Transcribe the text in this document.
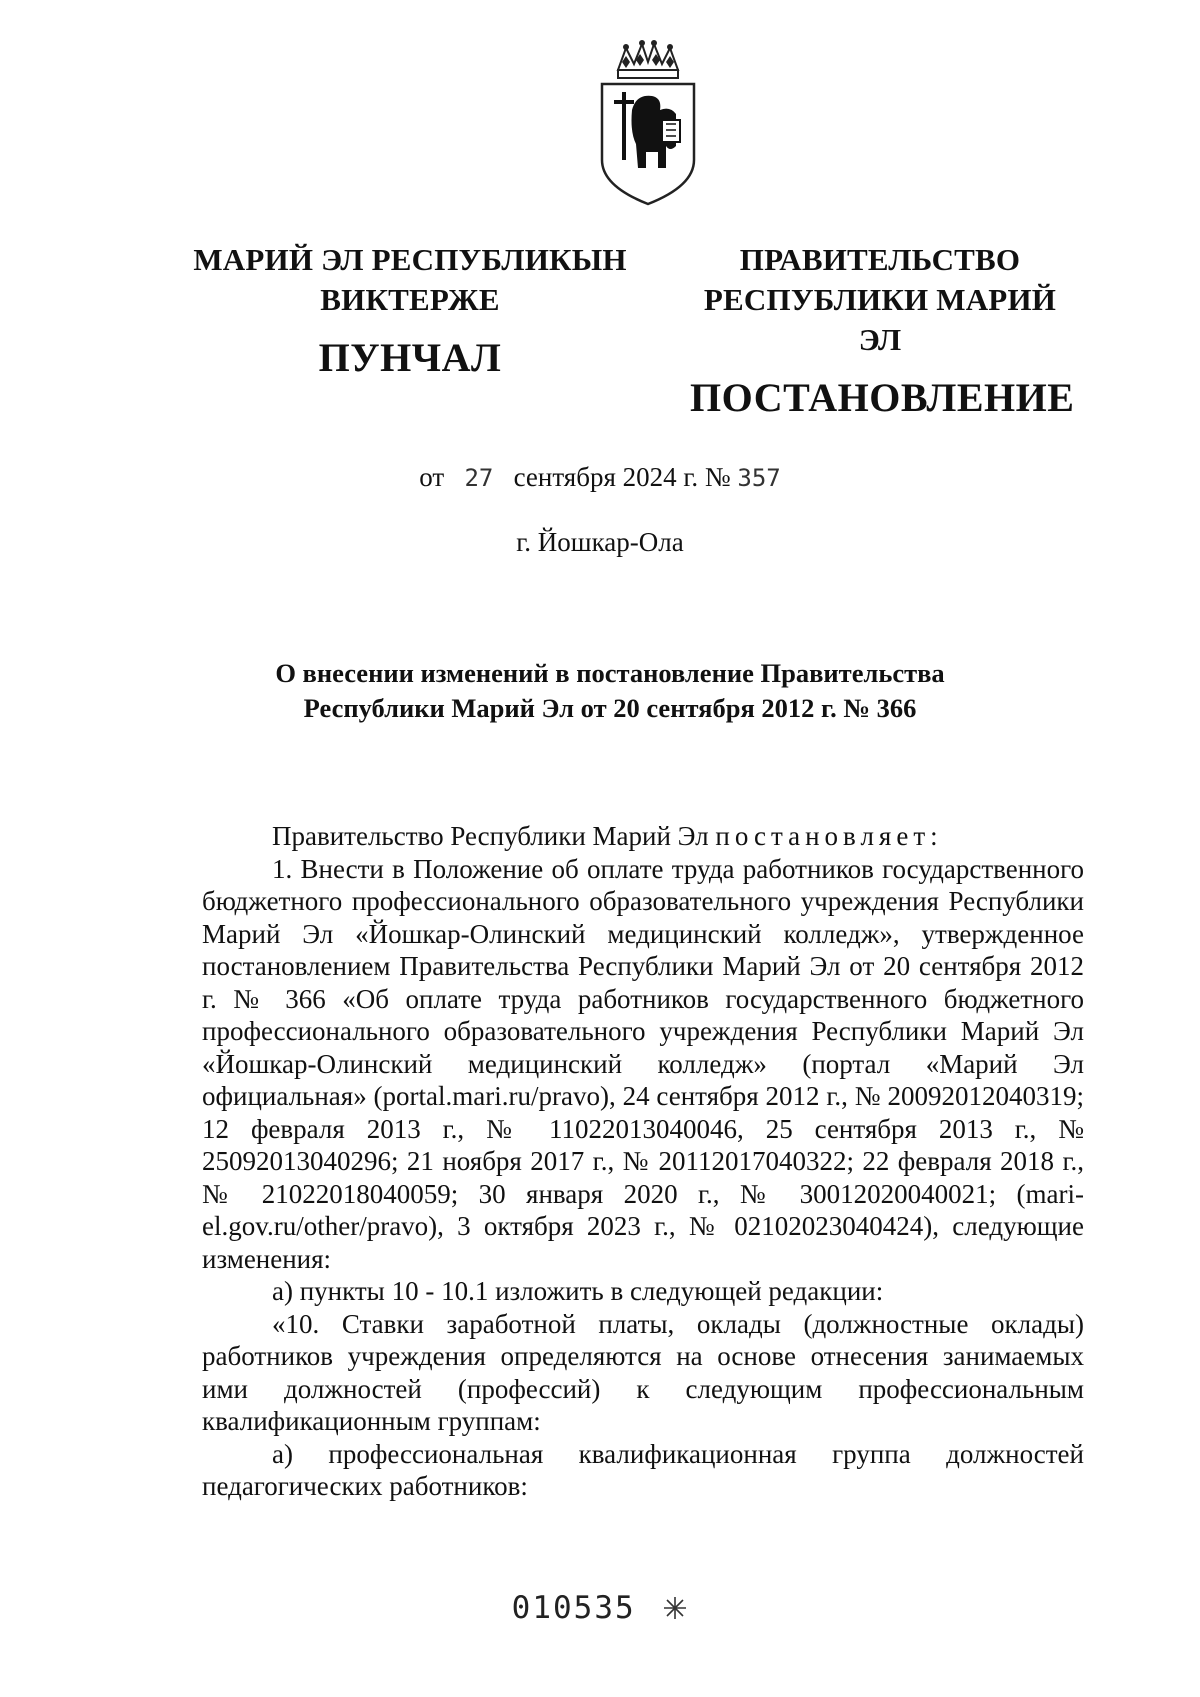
МАРИЙ ЭЛ РЕСПУБЛИКЫН
ВИКТЕРЖЕ
ПУНЧАЛ
ПРАВИТЕЛЬСТВО
РЕСПУБЛИКИ МАРИЙ ЭЛ
ПОСТАНОВЛЕНИЕ
от 27 сентября 2024 г. № 357
г. Йошкар-Ола
О внесении изменений в постановление Правительства
Республики Марий Эл от 20 сентября 2012 г. № 366

Правительство Республики Марий Эл постановляет:

1. Внести в Положение об оплате труда работников государственного бюджетного профессионального образовательного учреждения Республики Марий Эл «Йошкар-Олинский медицинский колледж», утвержденное постановлением Правительства Республики Марий Эл от 20 сентября 2012 г. № 366 «Об оплате труда работников государственного бюджетного профессионального образовательного учреждения Республики Марий Эл «Йошкар-Олинский медицинский колледж» (портал «Марий Эл официальная» (portal.mari.ru/pravo), 24 сентября 2012 г., № 20092012040319; 12 февраля 2013 г., № 11022013040046, 25 сентября 2013 г., № 25092013040296; 21 ноября 2017 г., № 20112017040322; 22 февраля 2018 г., № 21022018040059; 30 января 2020 г., № 30012020040021; (mari-el.gov.ru/other/pravo), 3 октября 2023 г., № 02102023040424), следующие изменения:

а) пункты 10 - 10.1 изложить в следующей редакции:

«10. Ставки заработной платы, оклады (должностные оклады) работников учреждения определяются на основе отнесения занимаемых ими должностей (профессий) к следующим профессиональным квалификационным группам:

а) профессиональная квалификационная группа должностей педагогических работников:

010535
